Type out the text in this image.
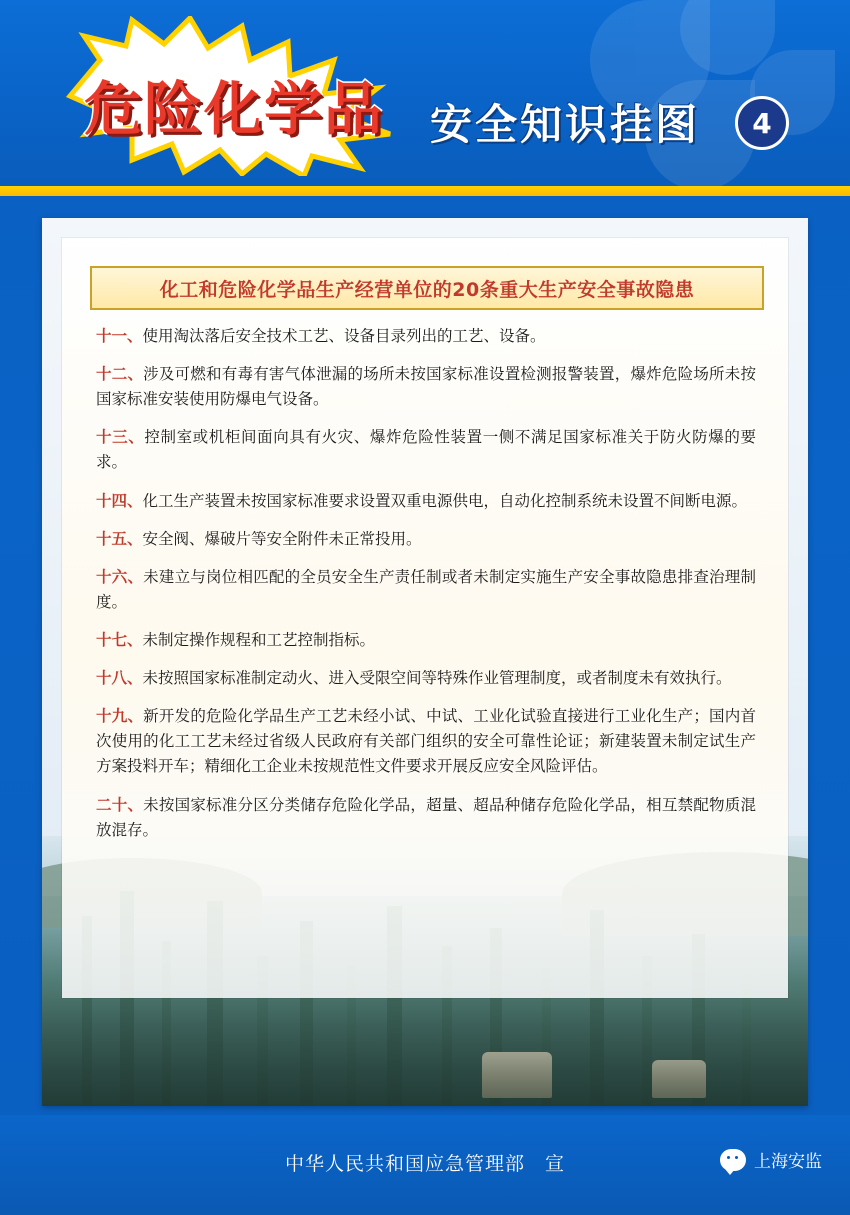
危险化学品 安全知识挂图	4
化工和危险化学品生产经营单位的20条重大生产安全事故隐患
十一、使用淘汰落后安全技术工艺、设备目录列出的工艺、设备。
十二、涉及可燃和有毒有害气体泄漏的场所未按国家标准设置检测报警装置，爆炸危险场所未按国家标准安装使用防爆电气设备。
十三、控制室或机柜间面向具有火灾、爆炸危险性装置一侧不满足国家标准关于防火防爆的要求。
十四、化工生产装置未按国家标准要求设置双重电源供电，自动化控制系统未设置不间断电源。
十五、安全阀、爆破片等安全附件未正常投用。
十六、未建立与岗位相匹配的全员安全生产责任制或者未制定实施生产安全事故隐患排查治理制度。
十七、未制定操作规程和工艺控制指标。
十八、未按照国家标准制定动火、进入受限空间等特殊作业管理制度，或者制度未有效执行。
十九、新开发的危险化学品生产工艺未经小试、中试、工业化试验直接进行工业化生产；国内首次使用的化工工艺未经过省级人民政府有关部门组织的安全可靠性论证；新建装置未制定试生产方案投料开车；精细化工企业未按规范性文件要求开展反应安全风险评估。
二十、未按国家标准分区分类储存危险化学品，超量、超品种储存危险化学品，相互禁配物质混放混存。
中华人民共和国应急管理部　宣	上海安监
